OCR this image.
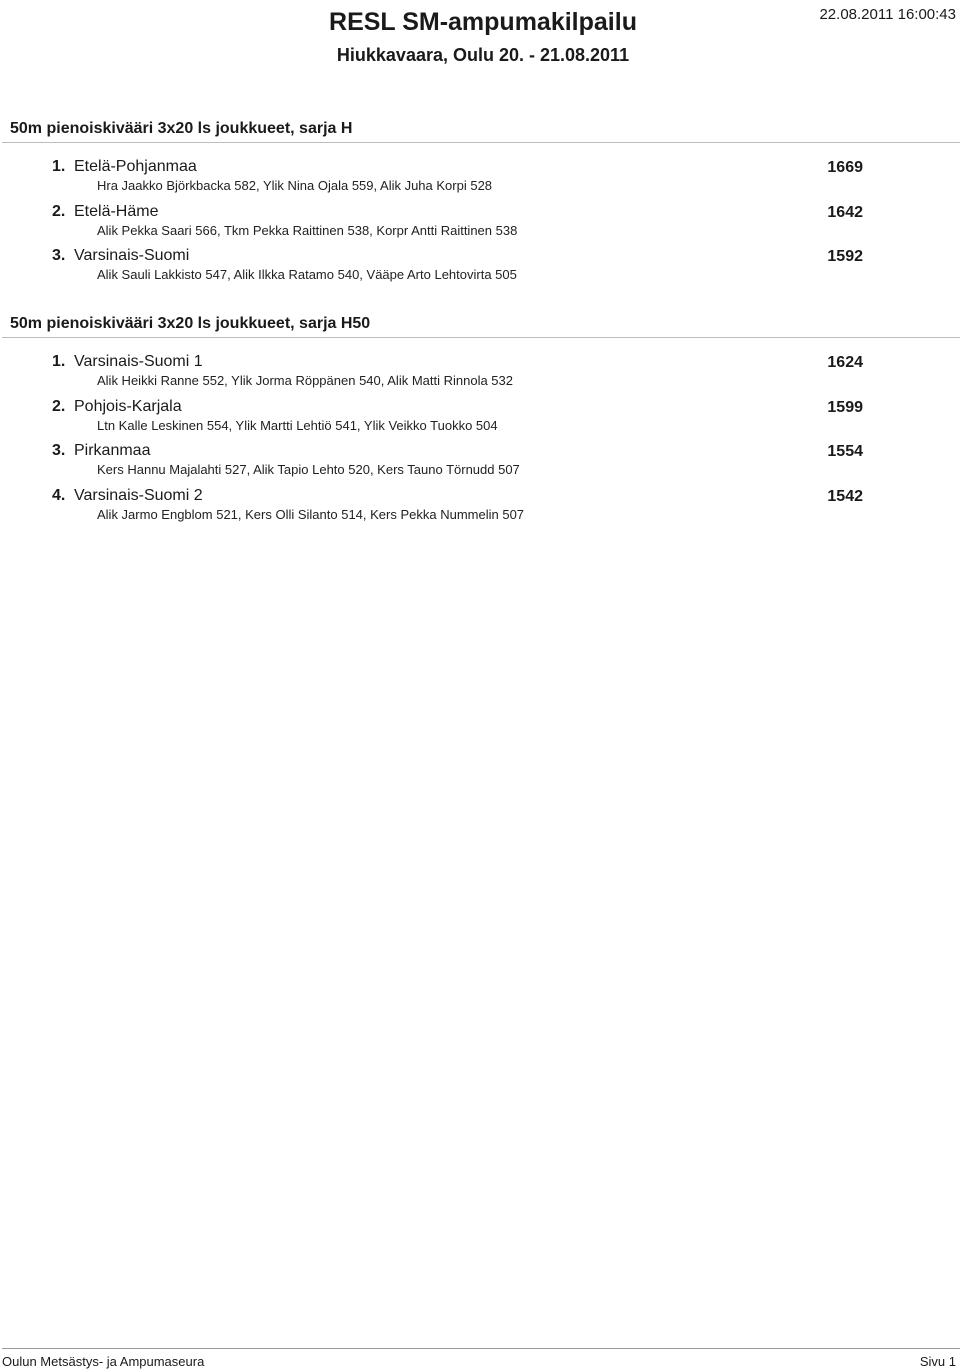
RESL SM-ampumakilpailu
Hiukkavaara, Oulu 20. - 21.08.2011
22.08.2011 16:00:43
50m pienoiskivääri 3x20 ls joukkueet, sarja H
1. Etelä-Pohjanmaa	1669
Hra Jaakko Björkbacka 582, Ylik Nina Ojala 559, Alik Juha Korpi 528
2. Etelä-Häme	1642
Alik Pekka Saari 566, Tkm Pekka Raittinen 538, Korpr Antti Raittinen 538
3. Varsinais-Suomi	1592
Alik Sauli Lakkisto 547, Alik Ilkka Ratamo 540, Vääpe Arto Lehtovirta 505
50m pienoiskivääri 3x20 ls joukkueet, sarja H50
1. Varsinais-Suomi 1	1624
Alik Heikki Ranne 552, Ylik Jorma Röppänen 540, Alik Matti Rinnola 532
2. Pohjois-Karjala	1599
Ltn Kalle Leskinen 554, Ylik Martti Lehtiö 541, Ylik Veikko Tuokko 504
3. Pirkanmaa	1554
Kers Hannu Majalahti 527, Alik Tapio Lehto 520, Kers Tauno Törnudd 507
4. Varsinais-Suomi 2	1542
Alik Jarmo Engblom 521, Kers Olli Silanto 514, Kers Pekka Nummelin 507
Oulun Metsästys- ja Ampumaseura	Sivu 1
